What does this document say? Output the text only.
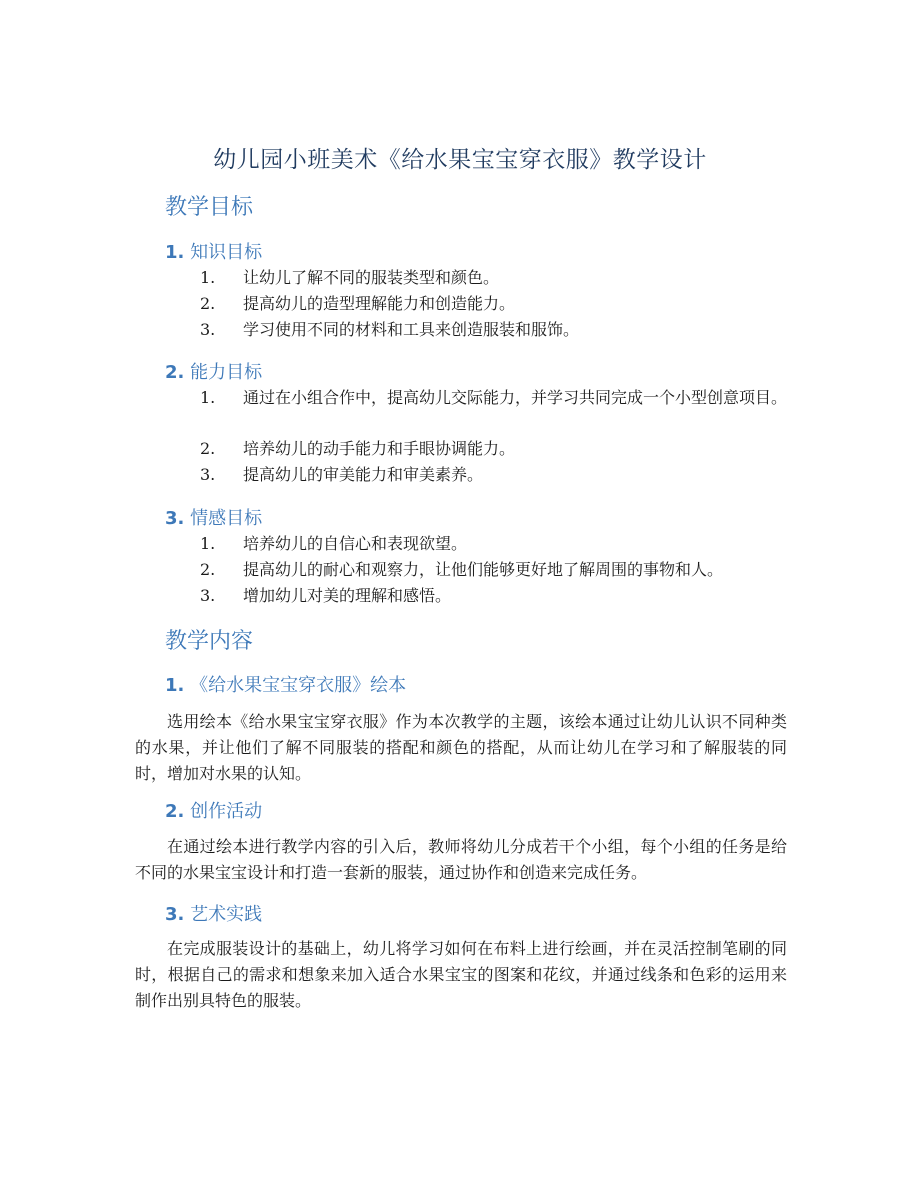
幼儿园小班美术《给水果宝宝穿衣服》教学设计
教学目标
1. 知识目标
1. 让幼儿了解不同的服装类型和颜色。
2. 提高幼儿的造型理解能力和创造能力。
3. 学习使用不同的材料和工具来创造服装和服饰。
2. 能力目标
1. 通过在小组合作中，提高幼儿交际能力，并学习共同完成一个小型创意项目。
2. 培养幼儿的动手能力和手眼协调能力。
3. 提高幼儿的审美能力和审美素养。
3. 情感目标
1. 培养幼儿的自信心和表现欲望。
2. 提高幼儿的耐心和观察力，让他们能够更好地了解周围的事物和人。
3. 增加幼儿对美的理解和感悟。
教学内容
1. 《给水果宝宝穿衣服》绘本

选用绘本《给水果宝宝穿衣服》作为本次教学的主题，该绘本通过让幼儿认识不同种类的水果，并让他们了解不同服装的搭配和颜色的搭配，从而让幼儿在学习和了解服装的同时，增加对水果的认知。

2. 创作活动

在通过绘本进行教学内容的引入后，教师将幼儿分成若干个小组，每个小组的任务是给不同的水果宝宝设计和打造一套新的服装，通过协作和创造来完成任务。

3. 艺术实践

在完成服装设计的基础上，幼儿将学习如何在布料上进行绘画，并在灵活控制笔刷的同时，根据自己的需求和想象来加入适合水果宝宝的图案和花纹，并通过线条和色彩的运用来制作出别具特色的服装。
